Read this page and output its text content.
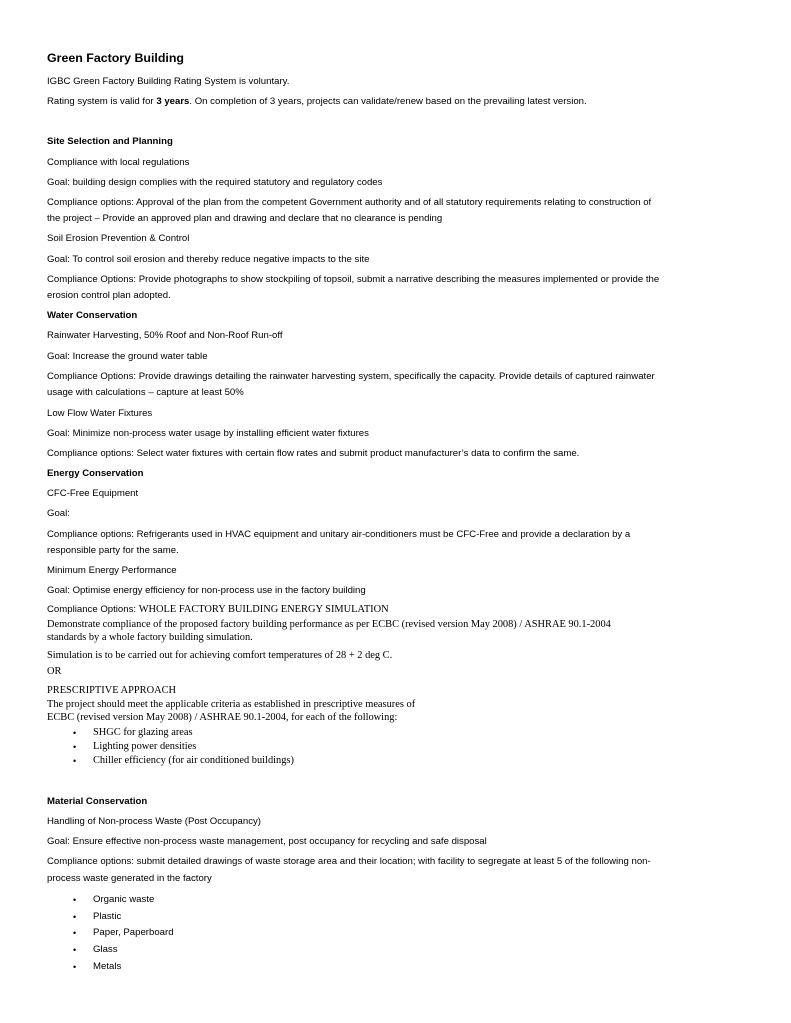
Green Factory Building
IGBC Green Factory Building Rating System is voluntary.
Rating system is valid for 3 years. On completion of 3 years, projects can validate/renew based on the prevailing latest version.
Site Selection and Planning
Compliance with local regulations
Goal: building design complies with the required statutory and regulatory codes
Compliance options: Approval of the plan from the competent Government authority and of all statutory requirements relating to construction of
the project – Provide an approved plan and drawing and declare that no clearance is pending
Soil Erosion Prevention & Control
Goal: To control soil erosion and thereby reduce negative impacts to the site
Compliance Options: Provide photographs to show stockpiling of topsoil, submit a narrative describing the measures implemented or provide the
erosion control plan adopted.
Water Conservation
Rainwater Harvesting, 50% Roof and Non-Roof Run-off
Goal: Increase the ground water table
Compliance Options: Provide drawings detailing the rainwater harvesting system, specifically the capacity. Provide details of captured rainwater
usage with calculations – capture at least 50%
Low Flow Water Fixtures
Goal: Minimize non-process water usage by installing efficient water fixtures
Compliance options: Select water fixtures with certain flow rates and submit product manufacturer’s data to confirm the same.
Energy Conservation
CFC-Free Equipment
Goal:
Compliance options: Refrigerants used in HVAC equipment and unitary air-conditioners must be CFC-Free and provide a declaration by a
responsible party for the same.
Minimum Energy Performance
Goal: Optimise energy efficiency for non-process use in the factory building
Compliance Options: WHOLE FACTORY BUILDING ENERGY SIMULATION
Demonstrate compliance of the proposed factory building performance as per ECBC (revised version May 2008) / ASHRAE 90.1-2004
standards by a whole factory building simulation.
Simulation is to be carried out for achieving comfort temperatures of 28 + 2 deg C.
OR
PRESCRIPTIVE APPROACH
The project should meet the applicable criteria as established in prescriptive measures of
ECBC (revised version May 2008) / ASHRAE 90.1-2004, for each of the following:
• SHGC for glazing areas
• Lighting power densities
• Chiller efficiency (for air conditioned buildings)
Material Conservation
Handling of Non-process Waste (Post Occupancy)
Goal: Ensure effective non-process waste management, post occupancy for recycling and safe disposal
Compliance options: submit detailed drawings of waste storage area and their location; with facility to segregate at least 5 of the following non-
process waste generated in the factory
• Organic waste
• Plastic
• Paper, Paperboard
• Glass
• Metals
